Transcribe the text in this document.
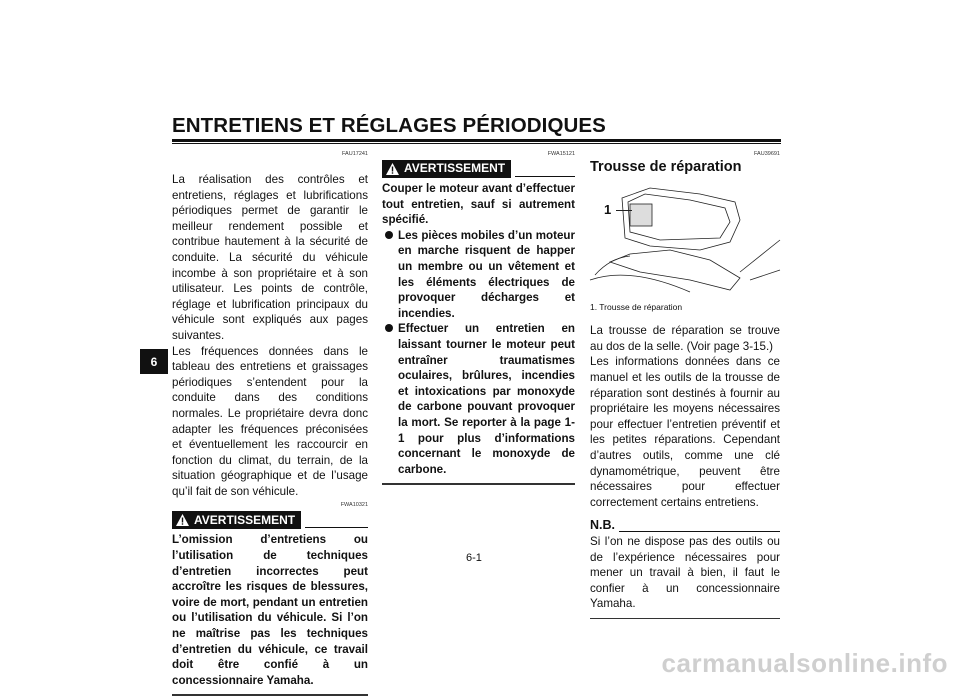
ENTRETIENS ET RÉGLAGES PÉRIODIQUES
6
FAU17241

La réalisation des contrôles et entretiens, réglages et lubrifications périodiques permet de garantir le meilleur rendement possible et contribue hautement à la sécurité de conduite. La sécurité du véhicule incombe à son propriétaire et à son utilisateur. Les points de contrôle, réglage et lubrification principaux du véhicule sont expliqués aux pages suivantes.

Les fréquences données dans le tableau des entretiens et graissages périodiques s’entendent pour la conduite dans des conditions normales. Le propriétaire devra donc adapter les fréquences préconisées et éventuellement les raccourcir en fonction du climat, du terrain, de la situation géographique et de l’usage qu’il fait de son véhicule.

FWA10321
AVERTISSEMENT

L’omission d’entretiens ou l’utilisation de techniques d’entretien incorrectes peut accroître les risques de blessures, voire de mort, pendant un entretien ou l’utilisation du véhicule. Si l’on ne maîtrise pas les techniques d’entretien du véhicule, ce travail doit être confié à un concessionnaire Yamaha.

FWA15121
AVERTISSEMENT

Couper le moteur avant d’effectuer tout entretien, sauf si autrement spécifié.

Les pièces mobiles d’un moteur en marche risquent de happer un membre ou un vêtement et les éléments électriques de provoquer décharges et incendies.
Effectuer un entretien en laissant tourner le moteur peut entraîner traumatismes oculaires, brûlures, incendies et intoxications par monoxyde de carbone pouvant provoquer la mort. Se reporter à la page 1-1 pour plus d’informations concernant le monoxyde de carbone.
FAU39691
Trousse de réparation
1
1. Trousse de réparation

La trousse de réparation se trouve au dos de la selle. (Voir page 3-15.)

Les informations données dans ce manuel et les outils de la trousse de réparation sont destinés à fournir au propriétaire les moyens nécessaires pour effectuer l’entretien préventif et les petites réparations. Cependant d’autres outils, comme une clé dynamométrique, peuvent être nécessaires pour effectuer correctement certains entretiens.

N.B.

Si l’on ne dispose pas des outils ou de l’expérience nécessaires pour mener un travail à bien, il faut le confier à un concessionnaire Yamaha.

6-1
carmanualsonline.info
